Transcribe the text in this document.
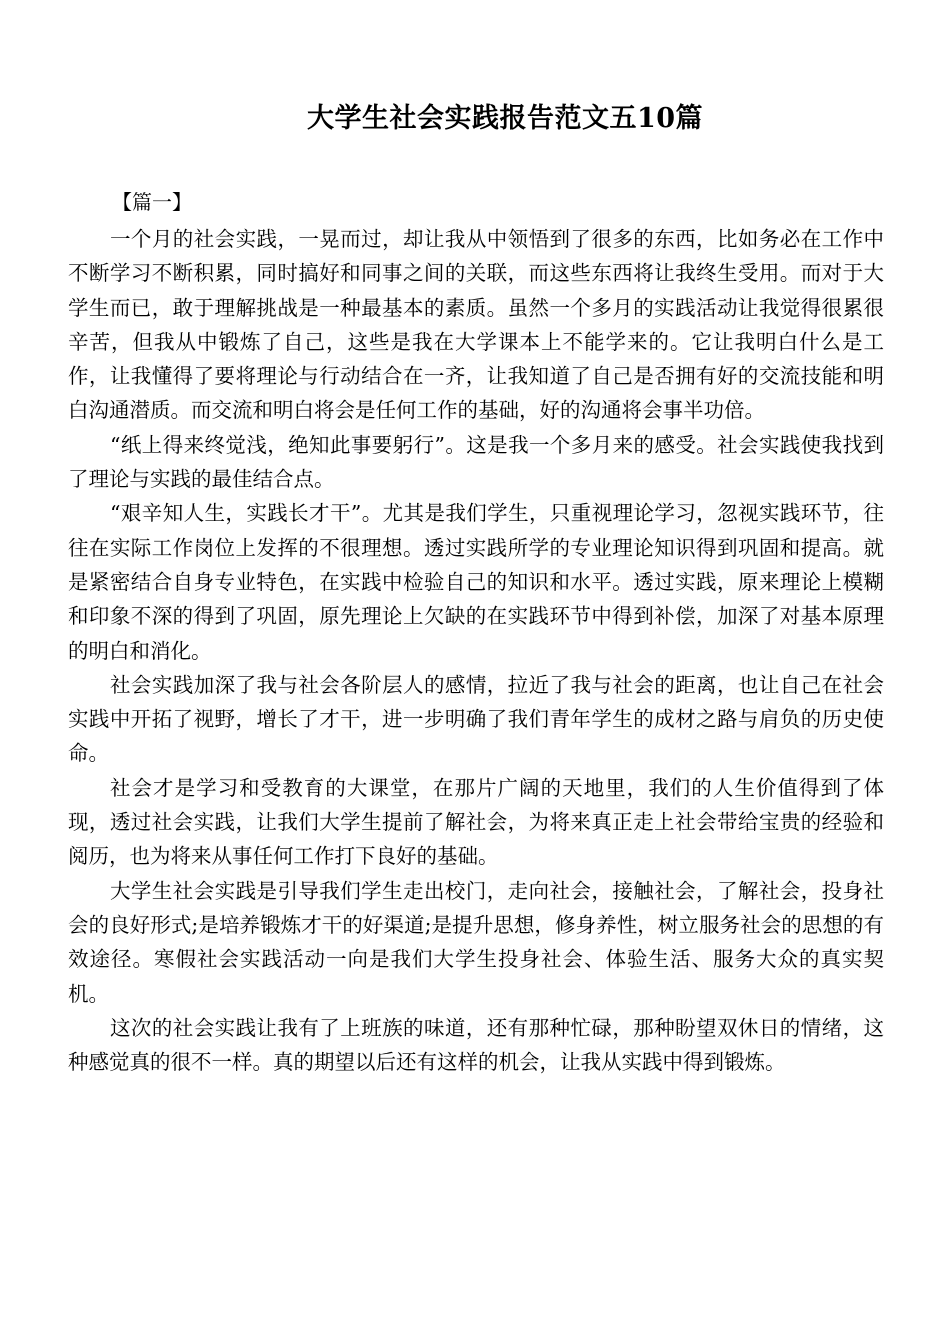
大学生社会实践报告范文五10篇
【篇一】

一个月的社会实践，一晃而过，却让我从中领悟到了很多的东西，比如务必在工作中不断学习不断积累，同时搞好和同事之间的关联，而这些东西将让我终生受用。而对于大学生而已，敢于理解挑战是一种最基本的素质。虽然一个多月的实践活动让我觉得很累很辛苦，但我从中锻炼了自己，这些是我在大学课本上不能学来的。它让我明白什么是工作，让我懂得了要将理论与行动结合在一齐，让我知道了自己是否拥有好的交流技能和明白沟通潜质。而交流和明白将会是任何工作的基础，好的沟通将会事半功倍。

“纸上得来终觉浅，绝知此事要躬行”。这是我一个多月来的感受。社会实践使我找到了理论与实践的最佳结合点。

“艰辛知人生，实践长才干”。尤其是我们学生，只重视理论学习，忽视实践环节，往往在实际工作岗位上发挥的不很理想。透过实践所学的专业理论知识得到巩固和提高。就是紧密结合自身专业特色，在实践中检验自己的知识和水平。透过实践，原来理论上模糊和印象不深的得到了巩固，原先理论上欠缺的在实践环节中得到补偿，加深了对基本原理的明白和消化。

社会实践加深了我与社会各阶层人的感情，拉近了我与社会的距离，也让自己在社会实践中开拓了视野，增长了才干，进一步明确了我们青年学生的成材之路与肩负的历史使命。

社会才是学习和受教育的大课堂，在那片广阔的天地里，我们的人生价值得到了体现，透过社会实践，让我们大学生提前了解社会，为将来真正走上社会带给宝贵的经验和阅历，也为将来从事任何工作打下良好的基础。

大学生社会实践是引导我们学生走出校门，走向社会，接触社会，了解社会，投身社会的良好形式;是培养锻炼才干的好渠道;是提升思想，修身养性，树立服务社会的思想的有效途径。寒假社会实践活动一向是我们大学生投身社会、体验生活、服务大众的真实契机。

这次的社会实践让我有了上班族的味道，还有那种忙碌，那种盼望双休日的情绪，这种感觉真的很不一样。真的期望以后还有这样的机会，让我从实践中得到锻炼。
